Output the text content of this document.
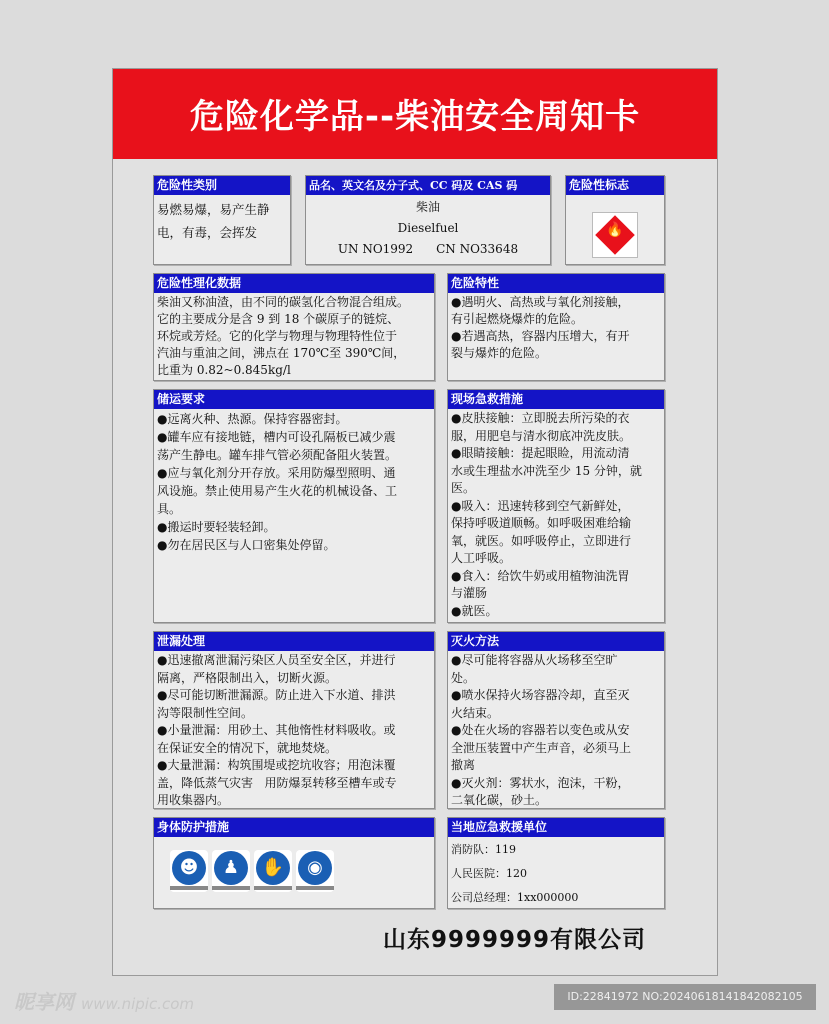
危险化学品--柴油安全周知卡
危险性类别

易燃易爆，易产生静

电，有毒，会挥发

品名、英文名及分子式、CC 码及 CAS 码

柴油

Dieselfuel

UN NO1992      CN NO33648

危险性标志
🔥
危险性理化数据

柴油又称油渣，由不同的碳氢化合物混合组成。

它的主要成分是含 9 到 18 个碳原子的链烷、

环烷或芳烃。它的化学与物理与物理特性位于

汽油与重油之间，沸点在 170℃至 390℃间，

比重为 0.82~0.845kg/l

危险特性

●遇明火、高热或与氧化剂接触，

有引起燃烧爆炸的危险。

●若遇高热，容器内压增大，有开

裂与爆炸的危险。

储运要求

●远离火种、热源。保持容器密封。

●罐车应有接地链，槽内可设孔隔板已减少震

荡产生静电。罐车排气管必须配备阻火装置。

●应与氧化剂分开存放。采用防爆型照明、通

风设施。禁止使用易产生火花的机械设备、工

具。

●搬运时要轻装轻卸。

●勿在居民区与人口密集处停留。

现场急救措施

●皮肤接触：立即脱去所污染的衣

服，用肥皂与清水彻底冲洗皮肤。

●眼睛接触：提起眼睑，用流动清

水或生理盐水冲洗至少 15 分钟，就

医。

●吸入：迅速转移到空气新鲜处，

保持呼吸道顺畅。如呼吸困难给输

氧，就医。如呼吸停止，立即进行

人工呼吸。

●食入：给饮牛奶或用植物油洗胃

与灌肠

●就医。

泄漏处理

●迅速撤离泄漏污染区人员至安全区，并进行

隔离，严格限制出入，切断火源。

●尽可能切断泄漏源。防止进入下水道、排洪

沟等限制性空间。

●小量泄漏：用砂土、其他惰性材料吸收。或

在保证安全的情况下，就地焚烧。

●大量泄漏：构筑围堤或挖坑收容；用泡沫覆

盖，降低蒸气灾害   用防爆泵转移至槽车或专

用收集器内。

灭火方法

●尽可能将容器从火场移至空旷

处。

●喷水保持火场容器冷却，直至灭

火结束。

●处在火场的容器若以变色或从安

全泄压装置中产生声音，必须马上

撤离

●灭火剂：雾状水，泡沫，干粉，

二氧化碳，砂土。

身体防护措施
☻	♟	✋	◉
当地应急救援单位

消防队：119

人民医院：120

公司总经理：1xx000000

山东9999999有限公司
昵享网 www.nipic.com	ID:22841972 NO:20240618141842082105
